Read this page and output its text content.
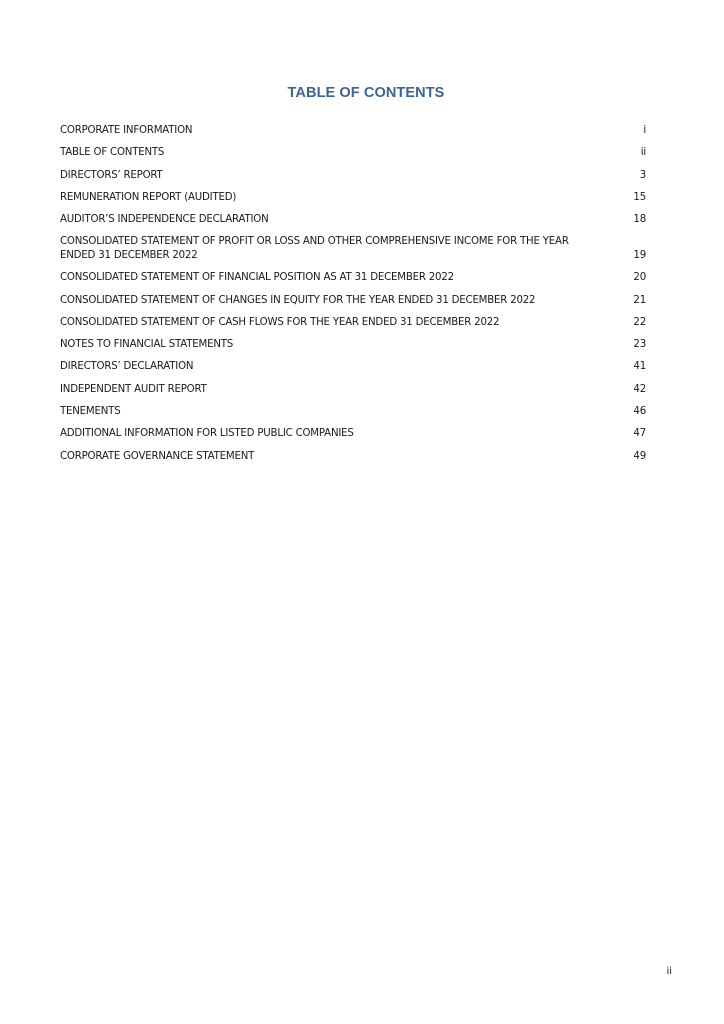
TABLE OF CONTENTS
CORPORATE INFORMATION	i
TABLE OF CONTENTS	ii
DIRECTORS’ REPORT	3
REMUNERATION REPORT (AUDITED)	15
AUDITOR’S INDEPENDENCE DECLARATION	18
CONSOLIDATED STATEMENT OF PROFIT OR LOSS AND OTHER COMPREHENSIVE INCOME FOR THE YEAR
ENDED 31 DECEMBER 2022	19
CONSOLIDATED STATEMENT OF FINANCIAL POSITION AS AT 31 DECEMBER 2022	20
CONSOLIDATED STATEMENT OF CHANGES IN EQUITY FOR THE YEAR ENDED 31 DECEMBER 2022	21
CONSOLIDATED STATEMENT OF CASH FLOWS FOR THE YEAR ENDED 31 DECEMBER 2022	22
NOTES TO FINANCIAL STATEMENTS	23
DIRECTORS’ DECLARATION	41
INDEPENDENT AUDIT REPORT	42
TENEMENTS	46
ADDITIONAL INFORMATION FOR LISTED PUBLIC COMPANIES	47
CORPORATE GOVERNANCE STATEMENT	49
ii
